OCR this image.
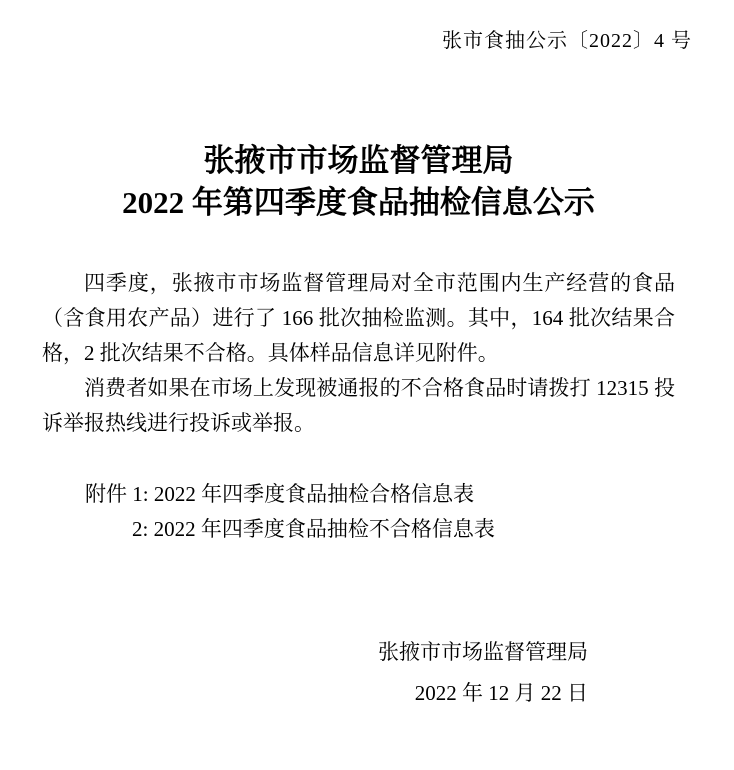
张市食抽公示〔2022〕4 号
张掖市市场监督管理局
2022 年第四季度食品抽检信息公示

四季度，张掖市市场监督管理局对全市范围内生产经营的食品（含食用农产品）进行了 166 批次抽检监测。其中，164 批次结果合格，2 批次结果不合格。具体样品信息详见附件。

消费者如果在市场上发现被通报的不合格食品时请拨打 12315 投诉举报热线进行投诉或举报。

附件 1: 2022 年四季度食品抽检合格信息表
2: 2022 年四季度食品抽检不合格信息表
张掖市市场监督管理局
2022 年 12 月 22 日
